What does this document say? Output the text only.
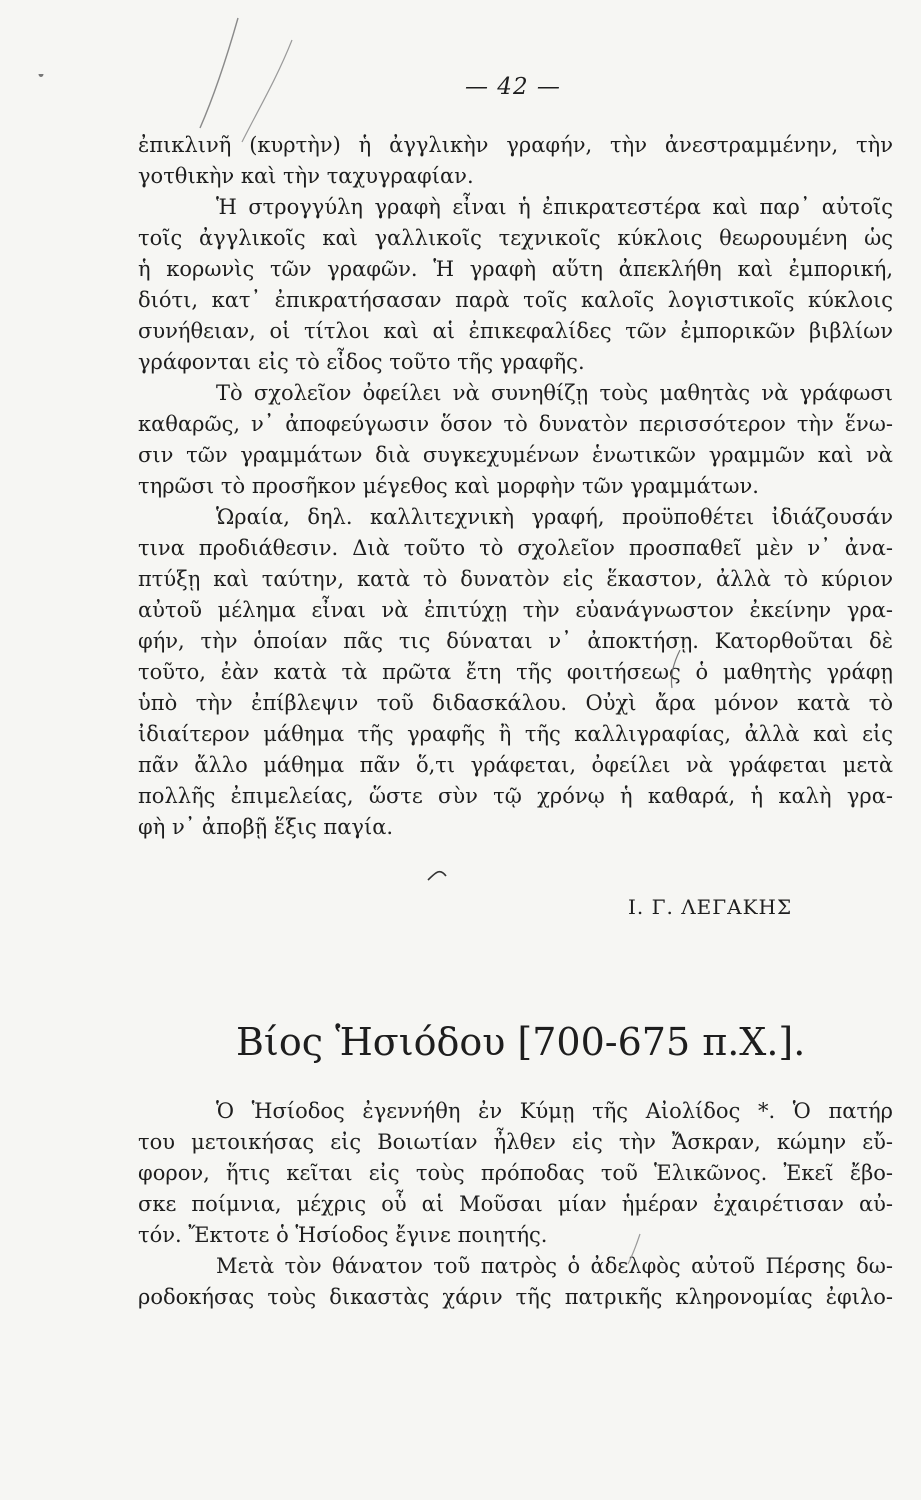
— 42 —
ἐπικλινῆ (κυρτὴν) ἡ ἀγγλικὴν γραφήν, τὴν ἀνεστραμμένην, τὴν
γοτθικὴν καὶ τὴν ταχυγραφίαν.
Ἡ στρογγύλη γραφὴ εἶναι ἡ ἐπικρατεστέρα καὶ παρ᾽ αὐτοῖς
τοῖς ἀγγλικοῖς καὶ γαλλικοῖς τεχνικοῖς κύκλοις θεωρουμένη ὡς
ἡ κορωνὶς τῶν γραφῶν. Ἡ γραφὴ αὕτη ἀπεκλήθη καὶ ἐμπορική,
διότι, κατ᾽ ἐπικρατήσασαν παρὰ τοῖς καλοῖς λογιστικοῖς κύκλοις
συνήθειαν, οἱ τίτλοι καὶ αἱ ἐπικεφαλίδες τῶν ἐμπορικῶν βιβλίων
γράφονται εἰς τὸ εἶδος τοῦτο τῆς γραφῆς.
Τὸ σχολεῖον ὀφείλει νὰ συνηθίζῃ τοὺς μαθητὰς νὰ γράφωσι
καθαρῶς, ν᾽ ἀποφεύγωσιν ὅσον τὸ δυνατὸν περισσότερον τὴν ἕνω-
σιν τῶν γραμμάτων διὰ συγκεχυμένων ἑνωτικῶν γραμμῶν καὶ νὰ
τηρῶσι τὸ προσῆκον μέγεθος καὶ μορφὴν τῶν γραμμάτων.
Ὡραία, δηλ. καλλιτεχνικὴ γραφή, προϋποθέτει ἰδιάζουσάν
τινα προδιάθεσιν. Διὰ τοῦτο τὸ σχολεῖον προσπαθεῖ μὲν ν᾽ ἀνα-
πτύξῃ καὶ ταύτην, κατὰ τὸ δυνατὸν εἰς ἕκαστον, ἀλλὰ τὸ κύριον
αὐτοῦ μέλημα εἶναι νὰ ἐπιτύχῃ τὴν εὐανάγνωστον ἐκείνην γρα-
φήν, τὴν ὁποίαν πᾶς τις δύναται ν᾽ ἀποκτήσῃ. Κατορθοῦται δὲ
τοῦτο, ἐὰν κατὰ τὰ πρῶτα ἔτη τῆς φοιτήσεως ὁ μαθητὴς γράφῃ
ὑπὸ τὴν ἐπίβλεψιν τοῦ διδασκάλου. Οὐχὶ ἄρα μόνον κατὰ τὸ
ἰδιαίτερον μάθημα τῆς γραφῆς ἢ τῆς καλλιγραφίας, ἀλλὰ καὶ εἰς
πᾶν ἄλλο μάθημα πᾶν ὅ,τι γράφεται, ὀφείλει νὰ γράφεται μετὰ
πολλῆς ἐπιμελείας, ὥστε σὺν τῷ χρόνῳ ἡ καθαρά, ἡ καλὴ γρα-
φὴ ν᾽ ἀποβῇ ἕξις παγία.
Ι. Γ. ΛΕΓΑΚΗΣ
Βίος Ἡσιόδου [700-675 π.Χ.].
Ὁ Ἡσίοδος ἐγεννήθη ἐν Κύμῃ τῆς Αἰολίδος *. Ὁ πατήρ
του μετοικήσας εἰς Βοιωτίαν ἦλθεν εἰς τὴν Ἄσκραν, κώμην εὔ-
φορον, ἥτις κεῖται εἰς τοὺς πρόποδας τοῦ Ἑλικῶνος. Ἐκεῖ ἔβο-
σκε ποίμνια, μέχρις οὗ αἱ Μοῦσαι μίαν ἡμέραν ἐχαιρέτισαν αὐ-
τόν. Ἔκτοτε ὁ Ἡσίοδος ἔγινε ποιητής.
Μετὰ τὸν θάνατον τοῦ πατρὸς ὁ ἀδελφὸς αὐτοῦ Πέρσης δω-
ροδοκήσας τοὺς δικαστὰς χάριν τῆς πατρικῆς κληρονομίας ἐφιλο-
